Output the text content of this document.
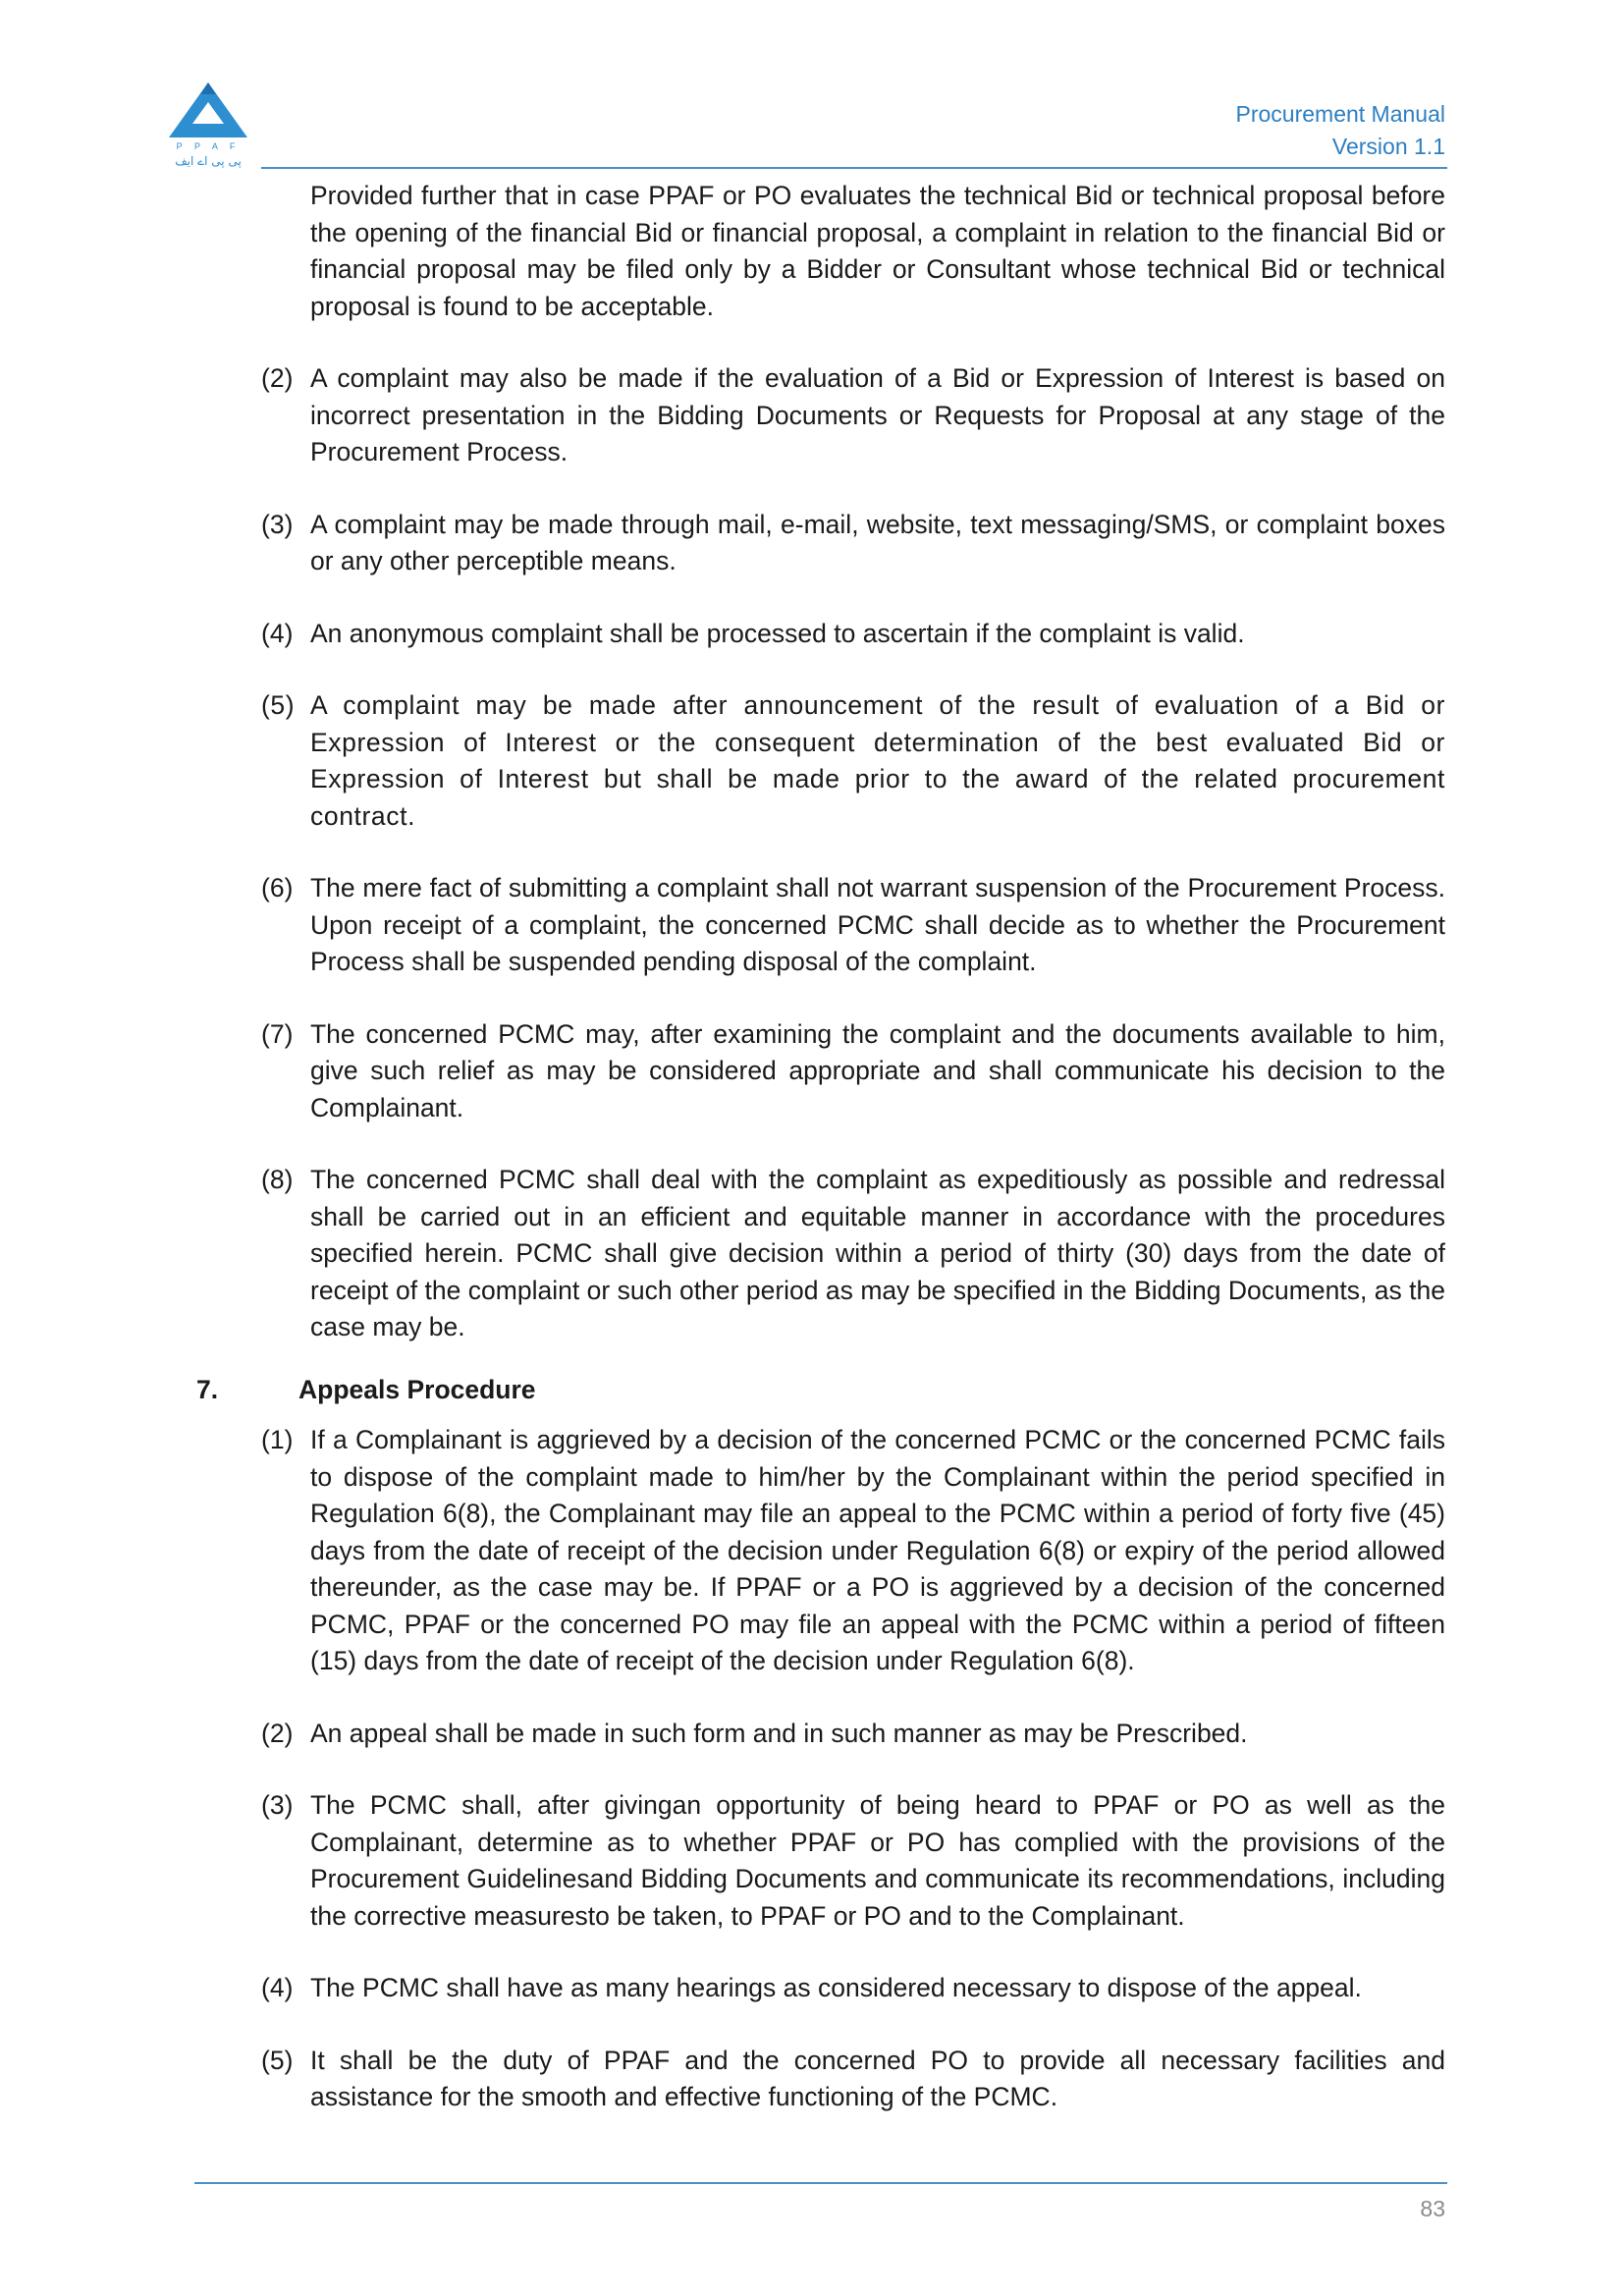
P P A F
پی پی اے ایف
Procurement Manual
Version 1.1
Provided further that in case PPAF or PO evaluates the technical Bid or technical proposal before the opening of the financial Bid or financial proposal, a complaint in relation to the financial Bid or financial proposal may be filed only by a Bidder or Consultant whose technical Bid or technical proposal is found to be acceptable.
(2) A complaint may also be made if the evaluation of a Bid or Expression of Interest is based on incorrect presentation in the Bidding Documents or Requests for Proposal at any stage of the Procurement Process.
(3) A complaint may be made through mail, e-mail, website, text messaging/SMS, or complaint boxes or any other perceptible means.
(4) An anonymous complaint shall be processed to ascertain if the complaint is valid.
(5) A complaint may be made after announcement of the result of evaluation of a Bid or Expression of Interest or the consequent determination of the best evaluated Bid or Expression of Interest but shall be made prior to the award of the related procurement contract.
(6) The mere fact of submitting a complaint shall not warrant suspension of the Procurement Process. Upon receipt of a complaint, the concerned PCMC shall decide as to whether the Procurement Process shall be suspended pending disposal of the complaint.
(7) The concerned PCMC may, after examining the complaint and the documents available to him, give such relief as may be considered appropriate and shall communicate his decision to the Complainant.
(8) The concerned PCMC shall deal with the complaint as expeditiously as possible and redressal shall be carried out in an efficient and equitable manner in accordance with the procedures specified herein. PCMC shall give decision within a period of thirty (30) days from the date of receipt of the complaint or such other period as may be specified in the Bidding Documents, as the case may be.
7.	Appeals Procedure
(1) If a Complainant is aggrieved by a decision of the concerned PCMC or the concerned PCMC fails to dispose of the complaint made to him/her by the Complainant within the period specified in Regulation 6(8), the Complainant may file an appeal to the PCMC within a period of forty five (45) days from the date of receipt of the decision under Regulation 6(8) or expiry of the period allowed thereunder, as the case may be. If PPAF or a PO is aggrieved by a decision of the concerned PCMC, PPAF or the concerned PO may file an appeal with the PCMC within a period of fifteen (15) days from the date of receipt of the decision under Regulation 6(8).
(2) An appeal shall be made in such form and in such manner as may be Prescribed.
(3) The PCMC shall, after givingan opportunity of being heard to PPAF or PO as well as the Complainant, determine as to whether PPAF or PO has complied with the provisions of the Procurement Guidelinesand Bidding Documents and communicate its recommendations, including the corrective measuresto be taken, to PPAF or PO and to the Complainant.
(4) The PCMC shall have as many hearings as considered necessary to dispose of the appeal.
(5) It shall be the duty of PPAF and the concerned PO to provide all necessary facilities and assistance for the smooth and effective functioning of the PCMC.
83
